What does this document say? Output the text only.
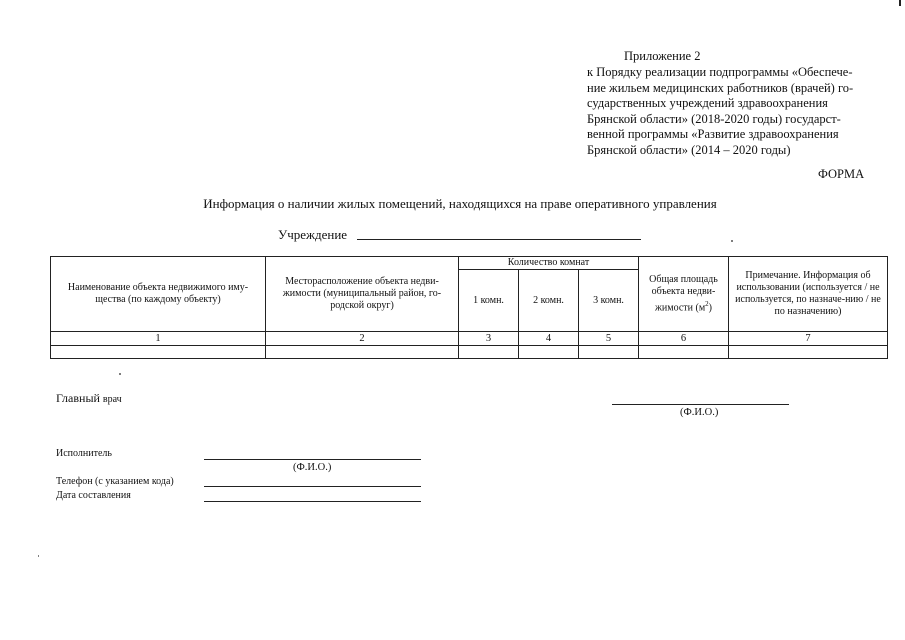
Приложение 2
к Порядку реализации подпрограммы «Обеспече-
ние жильем медицинских работников (врачей) го-
сударственных учреждений здравоохранения
Брянской области» (2018-2020 годы) государст-
венной программы «Развитие здравоохранения
Брянской области» (2014 – 2020 годы)
ФОРМА
Информация о наличии жилых помещений, находящихся на праве оперативного управления
Учреждение
Наименование объекта недвижимого иму-щества (по каждому объекту)	Месторасположение объекта недви-жимости (муниципальный район, го-родской округ)	Количество комнат			Общая площадь объекта недви-жимости $(м^2)$	Примечание. Информация об использовании (используется / не используется, по назначе-нию / не по назначению)
		1 комн.	2 комн.	3 комн.		
1	2	3	4	5	6	7

Главный врач
(Ф.И.О.)
Исполнитель
(Ф.И.О.)
Телефон (с указанием кода)
Дата составления
